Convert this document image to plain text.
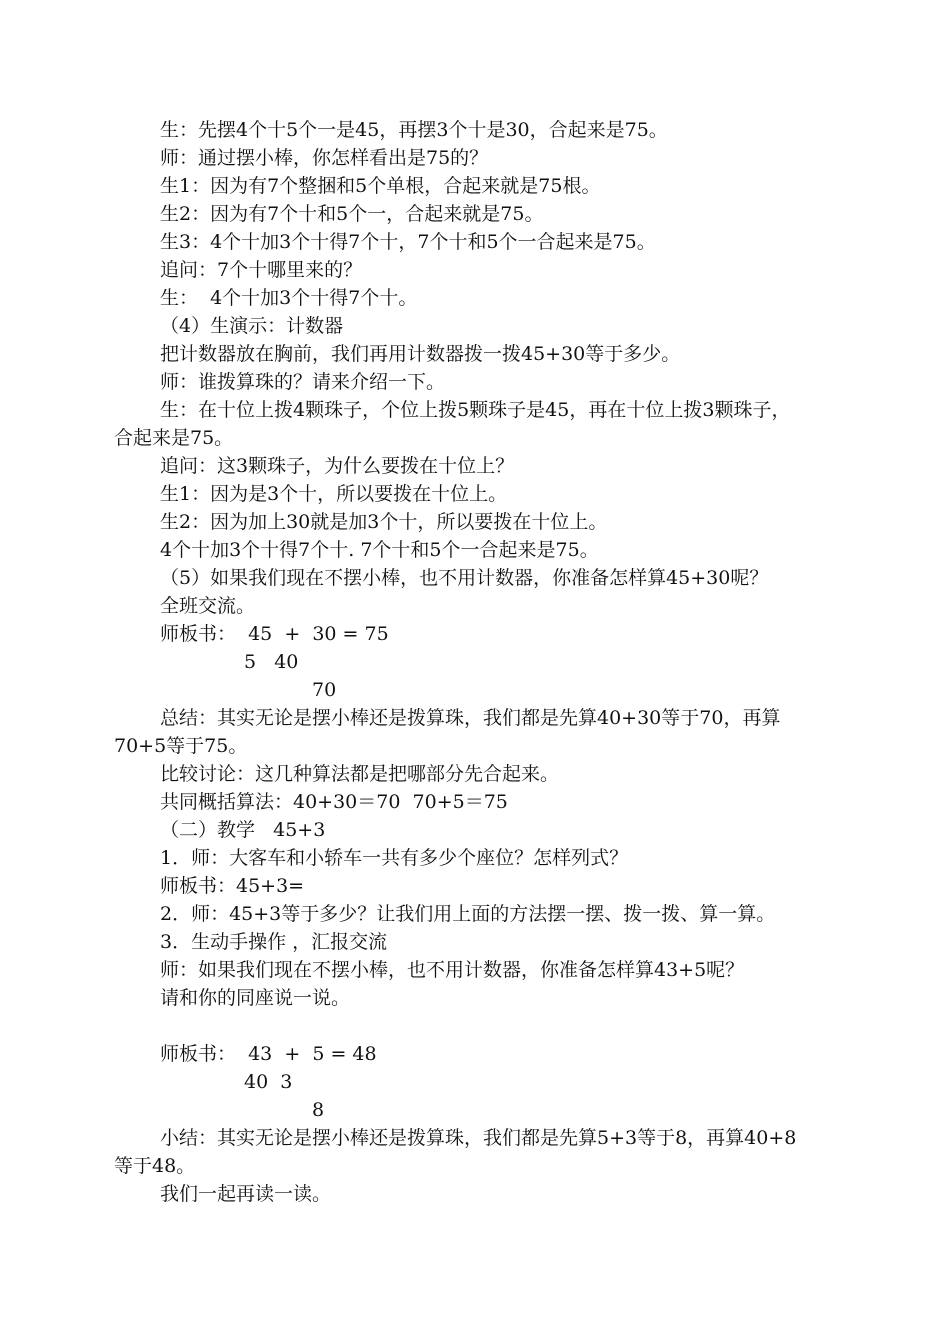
生：先摆4个十5个一是45，再摆3个十是30，合起来是75。
师：通过摆小棒，你怎样看出是75的？
生1：因为有7个整捆和5个单根，合起来就是75根。
生2：因为有7个十和5个一，合起来就是75。
生3：4个十加3个十得7个十，7个十和5个一合起来是75。
追问：7个十哪里来的？
生：  4个十加3个十得7个十。
（4）生演示：计数器
把计数器放在胸前，我们再用计数器拨一拨45+30等于多少。
师：谁拨算珠的？请来介绍一下。
生：在十位上拨4颗珠子，个位上拨5颗珠子是45，再在十位上拨3颗珠子，
合起来是75。
追问：这3颗珠子，为什么要拨在十位上？
生1：因为是3个十，所以要拨在十位上。
生2：因为加上30就是加3个十，所以要拨在十位上。
4个十加3个十得7个十. 7个十和5个一合起来是75。
（5）如果我们现在不摆小棒，也不用计数器，你准备怎样算45+30呢？
全班交流。
师板书：  45  +  30 = 75
5   40
70
总结：其实无论是摆小棒还是拨算珠，我们都是先算40+30等于70，再算
70+5等于75。
比较讨论：这几种算法都是把哪部分先合起来。
共同概括算法：40+30＝70  70+5＝75
（二）教学   45+3
1．师：大客车和小轿车一共有多少个座位？怎样列式？
师板书：45+3=
2．师：45+3等于多少？让我们用上面的方法摆一摆、拨一拨、算一算。
3．生动手操作 ，汇报交流
师：如果我们现在不摆小棒，也不用计数器，你准备怎样算43+5呢？
请和你的同座说一说。
师板书：  43  +  5 = 48
40  3
8
小结：其实无论是摆小棒还是拨算珠，我们都是先算5+3等于8，再算40+8
等于48。
我们一起再读一读。
